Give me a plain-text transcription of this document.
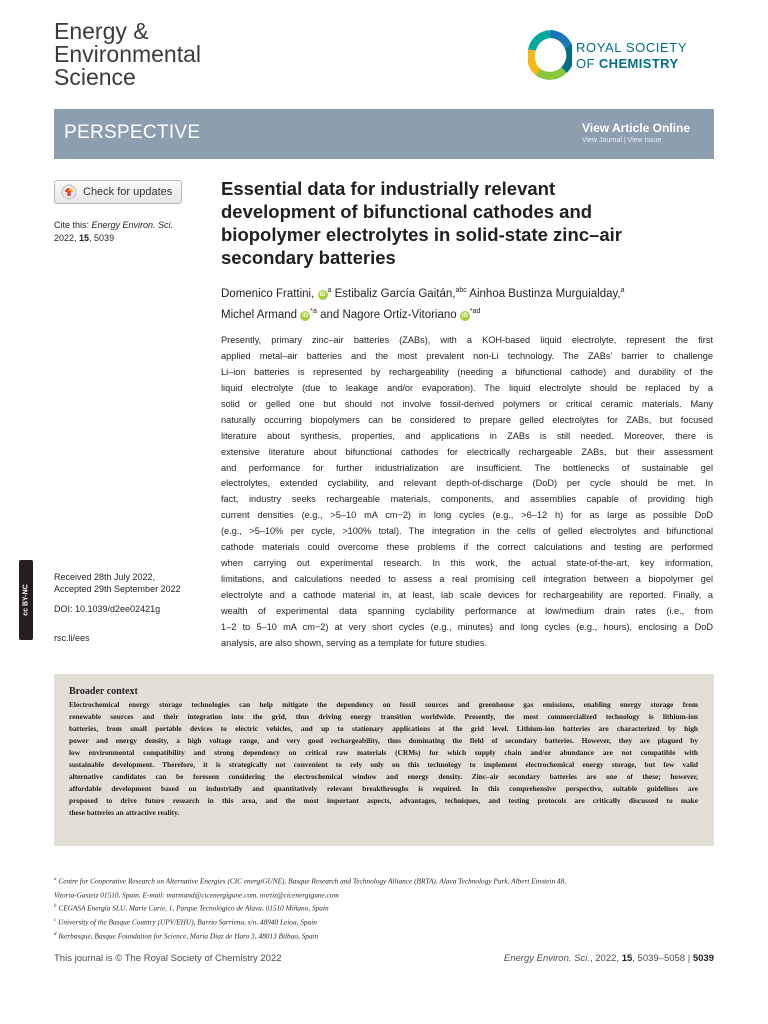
Energy &
Environmental
Science
ROYAL SOCIETY
OF CHEMISTRY
PERSPECTIVE	View Article Online
View Journal | View Issue
Check for updates
Cite this: Energy Environ. Sci.
2022, 15, 5039
Essential data for industrially relevant
development of bifunctional cathodes and
biopolymer electrolytes in solid-state zinc–air
secondary batteries
Domenico Frattini, $iD^a$ Estibaliz García Gaitán,$^{abc}$ Ainhoa Bustinza Murguialday,$^a$
Michel Armand $iD^{*a}$ and Nagore Ortiz-Vitoriano $iD^{*ad}$
Presently, primary zinc–air batteries (ZABs), with a KOH-based liquid electrolyte, represent the first
applied metal–air batteries and the most prevalent non-Li technology. The ZABs’ barrier to challenge
Li–ion batteries is represented by rechargeability (needing a bifunctional cathode) and durability of the
liquid electrolyte (due to leakage and/or evaporation). The liquid electrolyte should be replaced by a
solid or gelled one but should not involve fossil-derived polymers or critical ceramic materials. Many
naturally occurring biopolymers can be considered to prepare gelled electrolytes for ZABs, but focused
literature about synthesis, properties, and applications in ZABs is still needed. Moreover, there is
extensive literature about bifunctional cathodes for electrically rechargeable ZABs, but their assessment
and performance for further industrialization are insufficient. The bottlenecks of sustainable gel
electrolytes, extended cyclability, and relevant depth-of-discharge (DoD) per cycle should be met. In
fact, industry seeks rechargeable materials, components, and assemblies capable of providing high
current densities (e.g., >5–10 mA cm−2) in long cycles (e.g., >6–12 h) for as large as possible DoD
(e.g., >5–10% per cycle, >100% total). The integration in the cells of gelled electrolytes and bifunctional
cathode materials could overcome these problems if the correct calculations and testing are performed
when carrying out experimental research. In this work, the actual state-of-the-art, key information,
limitations, and calculations needed to assess a real promising cell integration between a biopolymer gel
electrolyte and a cathode material in, at least, lab scale devices for rechargeability are reported. Finally, a
wealth of experimental data spanning cyclability performance at low/medium drain rates (i.e., from
1–2 to 5–10 mA cm−2) at very short cycles (e.g., minutes) and long cycles (e.g., hours), enclosing a DoD
analysis, are also shown, serving as a template for future studies.
cc BY-NC
Received 28th July 2022,
Accepted 29th September 2022
DOI: 10.1039/d2ee02421g
rsc.li/ees
Broader context
Electrochemical energy storage technologies can help mitigate the dependency on fossil sources and greenhouse gas emissions, enabling energy storage from
renewable sources and their integration into the grid, thus driving energy transition worldwide. Presently, the most commercialized technology is lithium-ion
batteries, from small portable devices to electric vehicles, and up to stationary applications at the grid level. Lithium-ion batteries are characterized by high
power and energy density, a high voltage range, and very good rechargeability, thus dominating the field of secondary batteries. However, they are plagued by
low environmental compatibility and strong dependency on critical raw materials (CRMs) for which supply chain and/or abundance are not compatible with
sustainable development. Therefore, it is strategically not convenient to rely only on this technology to implement electrochemical energy storage, but few valid
alternative candidates can be foreseen considering the electrochemical window and energy density. Zinc–air secondary batteries are one of these; however,
affordable development based on industrially and quantitatively relevant breakthroughs is required. In this comprehensive perspective, suitable guidelines are
proposed to drive future research in this area, and the most important aspects, advantages, techniques, and testing protocols are critically discussed to make
these batteries an attractive reality.
$^a$ Centre for Cooperative Research on Alternative Energies (CIC energiGUNE), Basque Research and Technology Alliance (BRTA), Alava Technology Park, Albert Einstein 48,
Vitoria-Gasteiz 01510, Spain. E-mail: marmand@cicenergigune.com, nortiz@cicenergigune.com
$^b$ CEGASA Energía SLU, Marie Curie, 1, Parque Tecnológico de Alava, 01510 Miñano, Spain
$^c$ University of the Basque Country (UPV/EHU), Barrio Sarriena, s/n, 48940 Leioa, Spain
$^d$ Ikerbasque, Basque Foundation for Science, María Díaz de Haro 3, 48013 Bilbao, Spain
This journal is © The Royal Society of Chemistry 2022	Energy Environ. Sci., 2022, 15, 5039–5058 | 5039
